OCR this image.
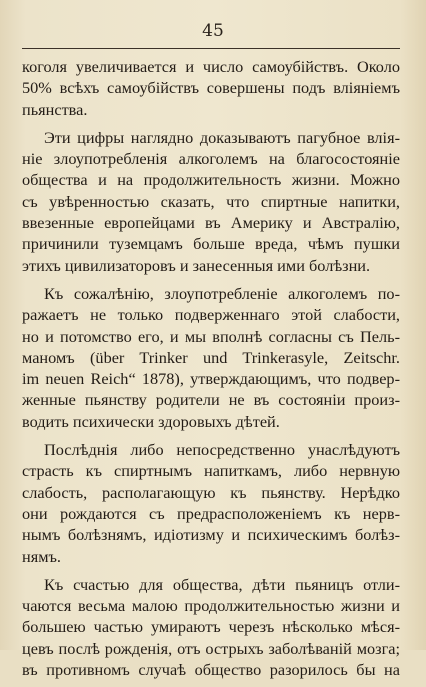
45
коголя увеличивается и число самоубійствъ. Около
50% всѣхъ самоубійствъ совершены подъ вліяніемъ
пьянства.
Эти цифры наглядно доказываютъ пагубное влія-
ніе злоупотребленія алкоголемъ на благосостояніе
общества и на продолжительность жизни. Можно
съ увѣренностью сказать, что спиртные напитки,
ввезенные европейцами въ Америку и Австралію,
причинили туземцамъ больше вреда, чѣмъ пушки
этихъ цивилизаторовъ и занесенныя ими болѣзни.
Къ сожалѣнію, злоупотребленіе алкоголемъ по-
ражаетъ не только подверженнаго этой слабости,
но и потомство его, и мы вполнѣ согласны съ Пель-
маномъ (über Trinker und Trinkerasyle, Zeitschr.
im neuen Reich“ 1878), утверждающимъ, что подвер-
женные пьянству родители не въ состояніи произ-
водить психически здоровыхъ дѣтей.
Послѣднія либо непосредственно унаслѣдуютъ
страсть къ спиртнымъ напиткамъ, либо нервную
слабость, располагающую къ пьянству. Нерѣдко
они рождаются съ предрасположеніемъ къ нерв-
нымъ болѣзнямъ, идіотизму и психическимъ болѣз-
нямъ.
Къ счастью для общества, дѣти пьяницъ отли-
чаются весьма малою продолжительностью жизни и
большею частью умираютъ черезъ нѣсколько мѣся-
цевъ послѣ рожденія, отъ острыхъ заболѣваній мозга;
въ противномъ случаѣ общество разорилось бы на
